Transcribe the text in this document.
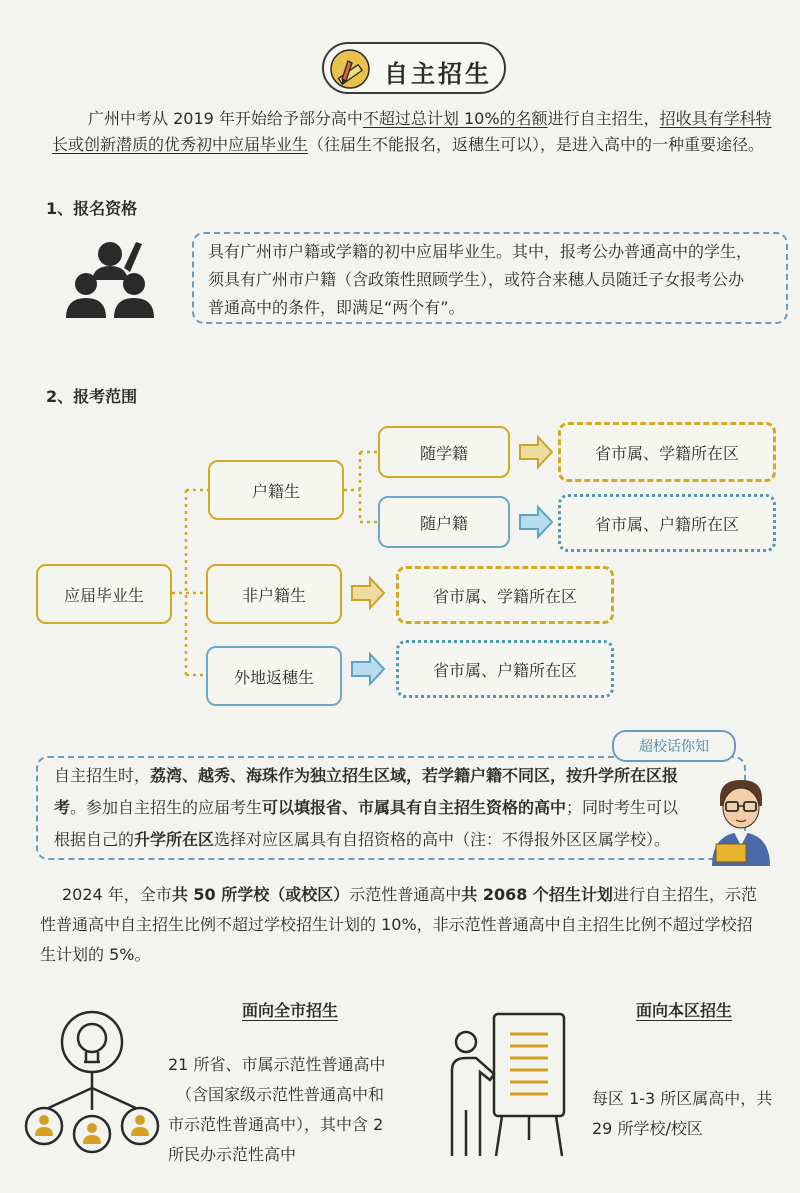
自主招生
广州中考从 2019 年开始给予部分高中不超过总计划 10%的名额进行自主招生，招收具有学科特
长或创新潜质的优秀初中应届毕业生（往届生不能报名，返穗生可以），是进入高中的一种重要途径。
1、报名资格
具有广州市户籍或学籍的初中应届毕业生。其中，报考公办普通高中的学生，
须具有广州市户籍（含政策性照顾学生），或符合来穗人员随迁子女报考公办
普通高中的条件，即满足“两个有”。
2、报考范围
应届毕业生
户籍生
非户籍生
外地返穗生
随学籍
随户籍
省市属、学籍所在区
省市属、户籍所在区
省市属、学籍所在区
省市属、户籍所在区
自主招生时，荔湾、越秀、海珠作为独立招生区域，若学籍户籍不同区，按升学所在区报
考。参加自主招生的应届考生可以填报省、市属具有自主招生资格的高中；同时考生可以
根据自己的升学所在区选择对应区属具有自招资格的高中（注：不得报外区区属学校）。
超校话你知
2024 年，全市共 50 所学校（或校区）示范性普通高中共 2068 个招生计划进行自主招生，示范
性普通高中自主招生比例不超过学校招生计划的 10%，非示范性普通高中自主招生比例不超过学校招
生计划的 5%。
面向全市招生
21 所省、市属示范性普通高中
（含国家级示范性普通高中和
市示范性普通高中），其中含 2
所民办示范性高中
面向本区招生
每区 1-3 所区属高中，共
29 所学校/校区
